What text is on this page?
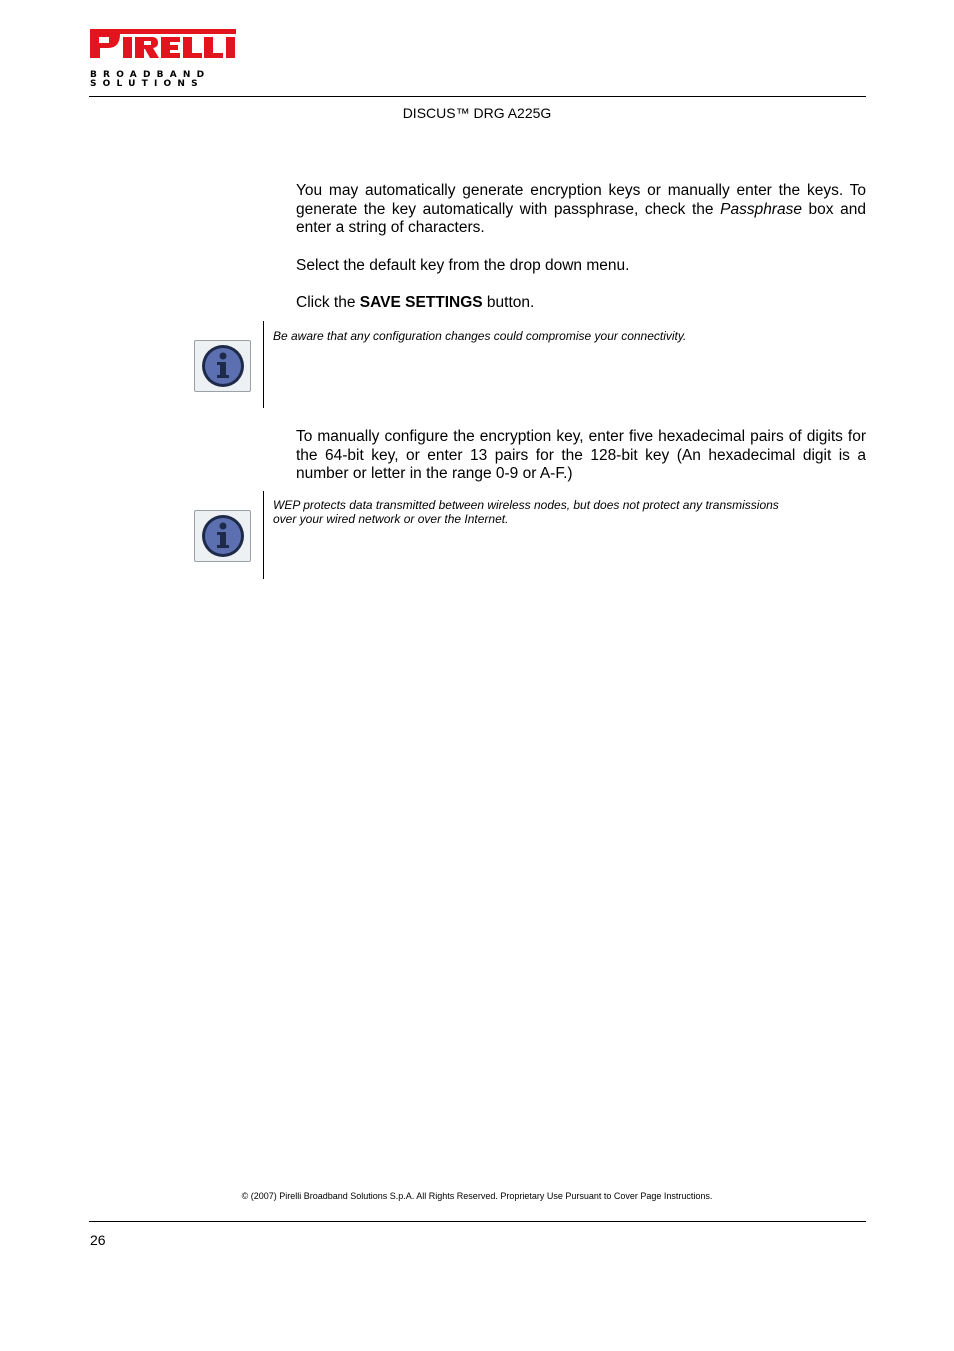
BROADBAND
SOLUTIONS
DISCUS™ DRG A225G

You may automatically generate encryption keys or manually enter the keys. To generate the key automatically with passphrase, check the Passphrase box and enter a string of characters.

Select the default key from the drop down menu.

Click the SAVE SETTINGS button.

Be aware that any configuration changes could compromise your connectivity.

To manually configure the encryption key, enter five hexadecimal pairs of digits for the 64-bit key, or enter 13 pairs for the 128-bit key (An hexadecimal digit is a number or letter in the range 0-9 or A-F.)

WEP protects data transmitted between wireless nodes, but does not protect any transmissions
over your wired network or over the Internet.

© (2007) Pirelli Broadband Solutions S.p.A. All Rights Reserved. Proprietary Use Pursuant to Cover Page Instructions.
26
